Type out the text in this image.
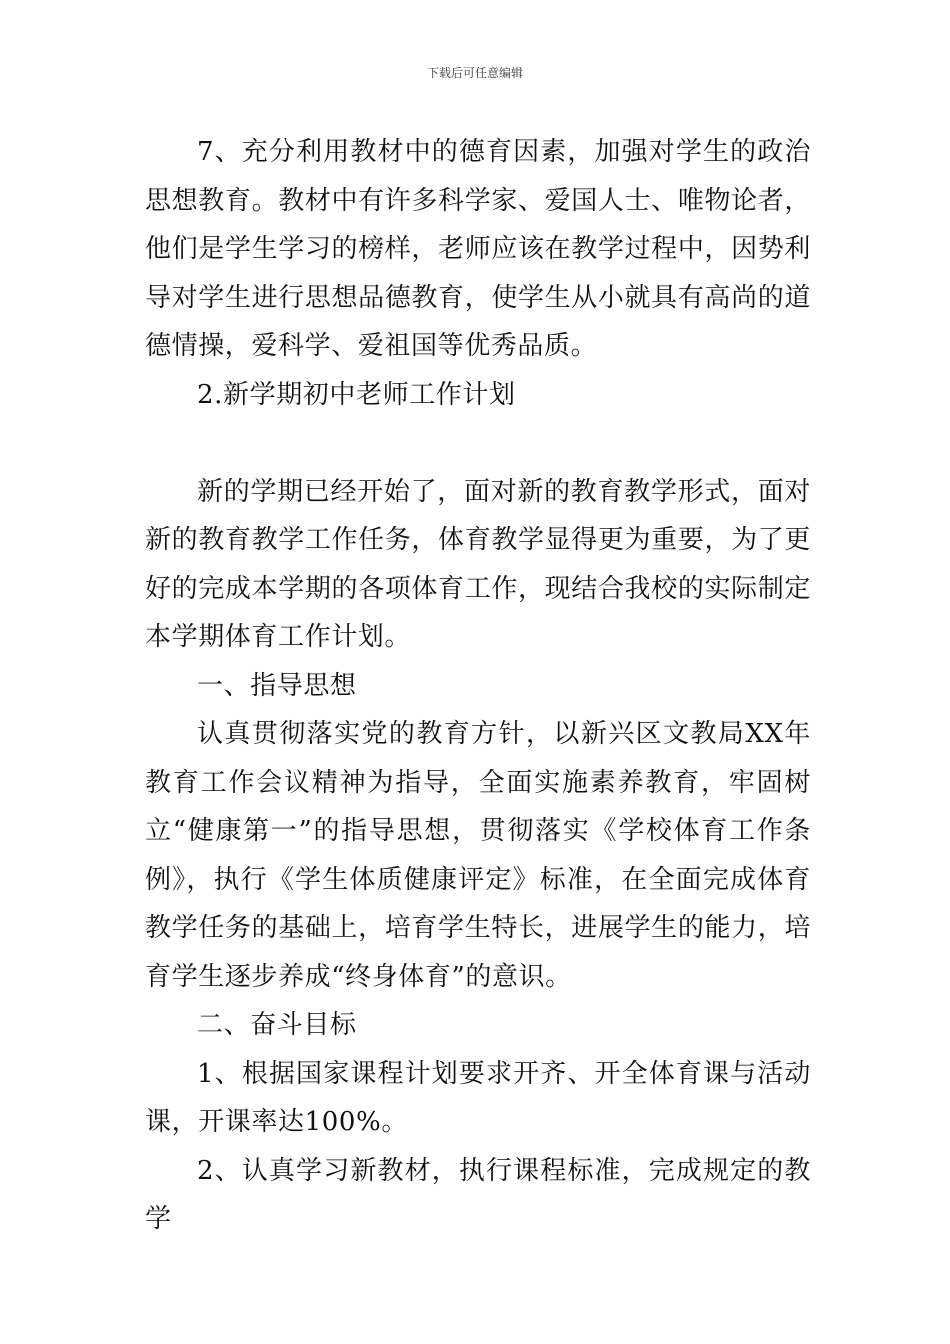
下载后可任意编辑

7、充分利用教材中的德育因素，加强对学生的政治思想教育。教材中有许多科学家、爱国人士、唯物论者，他们是学生学习的榜样，老师应该在教学过程中，因势利导对学生进行思想品德教育，使学生从小就具有高尚的道德情操，爱科学、爱祖国等优秀品质。

2.新学期初中老师工作计划

新的学期已经开始了，面对新的教育教学形式，面对新的教育教学工作任务，体育教学显得更为重要，为了更好的完成本学期的各项体育工作，现结合我校的实际制定本学期体育工作计划。

一、指导思想

认真贯彻落实党的教育方针，以新兴区文教局XX年教育工作会议精神为指导，全面实施素养教育，牢固树立“健康第一”的指导思想，贯彻落实《学校体育工作条例》，执行《学生体质健康评定》标准，在全面完成体育教学任务的基础上，培育学生特长，进展学生的能力，培育学生逐步养成“终身体育”的意识。

二、奋斗目标

1、根据国家课程计划要求开齐、开全体育课与活动课，开课率达100%。

2、认真学习新教材，执行课程标准，完成规定的教学
